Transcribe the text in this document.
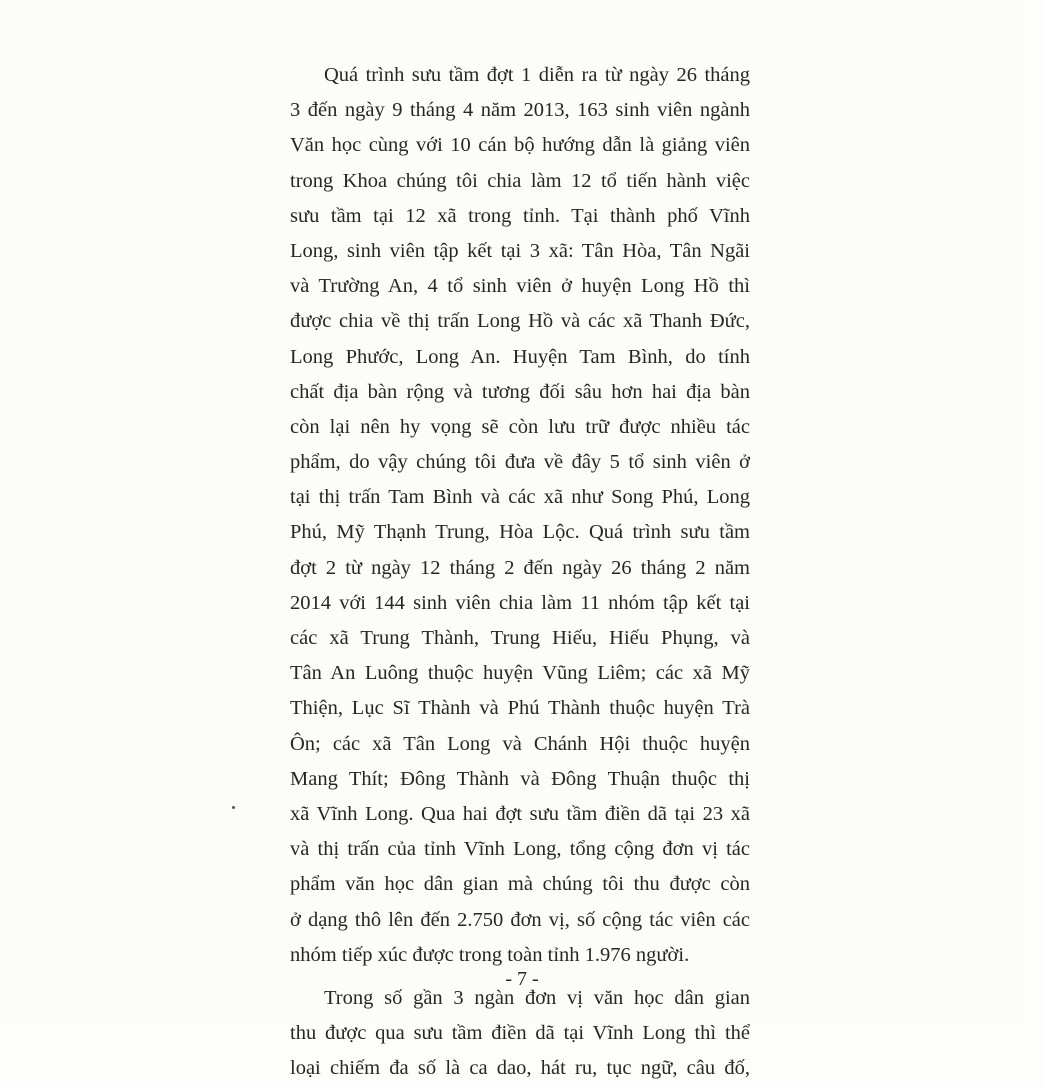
Quá trình sưu tầm đợt 1 diễn ra từ ngày 26 tháng
3 đến ngày 9 tháng 4 năm 2013, 163 sinh viên ngành
Văn học cùng với 10 cán bộ hướng dẫn là giảng viên
trong Khoa chúng tôi chia làm 12 tổ tiến hành việc
sưu tầm tại 12 xã trong tỉnh. Tại thành phố Vĩnh
Long, sinh viên tập kết tại 3 xã: Tân Hòa, Tân Ngãi
và Trường An, 4 tổ sinh viên ở huyện Long Hồ thì
được chia về thị trấn Long Hồ và các xã Thanh Đức,
Long Phước, Long An. Huyện Tam Bình, do tính
chất địa bàn rộng và tương đối sâu hơn hai địa bàn
còn lại nên hy vọng sẽ còn lưu trữ được nhiều tác
phẩm, do vậy chúng tôi đưa về đây 5 tổ sinh viên ở
tại thị trấn Tam Bình và các xã như Song Phú, Long
Phú, Mỹ Thạnh Trung, Hòa Lộc. Quá trình sưu tầm
đợt 2 từ ngày 12 tháng 2 đến ngày 26 tháng 2 năm
2014 với 144 sinh viên chia làm 11 nhóm tập kết tại
các xã Trung Thành, Trung Hiếu, Hiếu Phụng, và
Tân An Luông thuộc huyện Vũng Liêm; các xã Mỹ
Thiện, Lục Sĩ Thành và Phú Thành thuộc huyện Trà
Ôn; các xã Tân Long và Chánh Hội thuộc huyện
Mang Thít; Đông Thành và Đông Thuận thuộc thị
xã Vĩnh Long. Qua hai đợt sưu tầm điền dã tại 23 xã
và thị trấn của tỉnh Vĩnh Long, tổng cộng đơn vị tác
phẩm văn học dân gian mà chúng tôi thu được còn
ở dạng thô lên đến 2.750 đơn vị, số cộng tác viên các
nhóm tiếp xúc được trong toàn tỉnh 1.976 người.
Trong số gần 3 ngàn đơn vị văn học dân gian
thu được qua sưu tầm điền dã tại Vĩnh Long thì thể
loại chiếm đa số là ca dao, hát ru, tục ngữ, câu đố,
- 7 -
